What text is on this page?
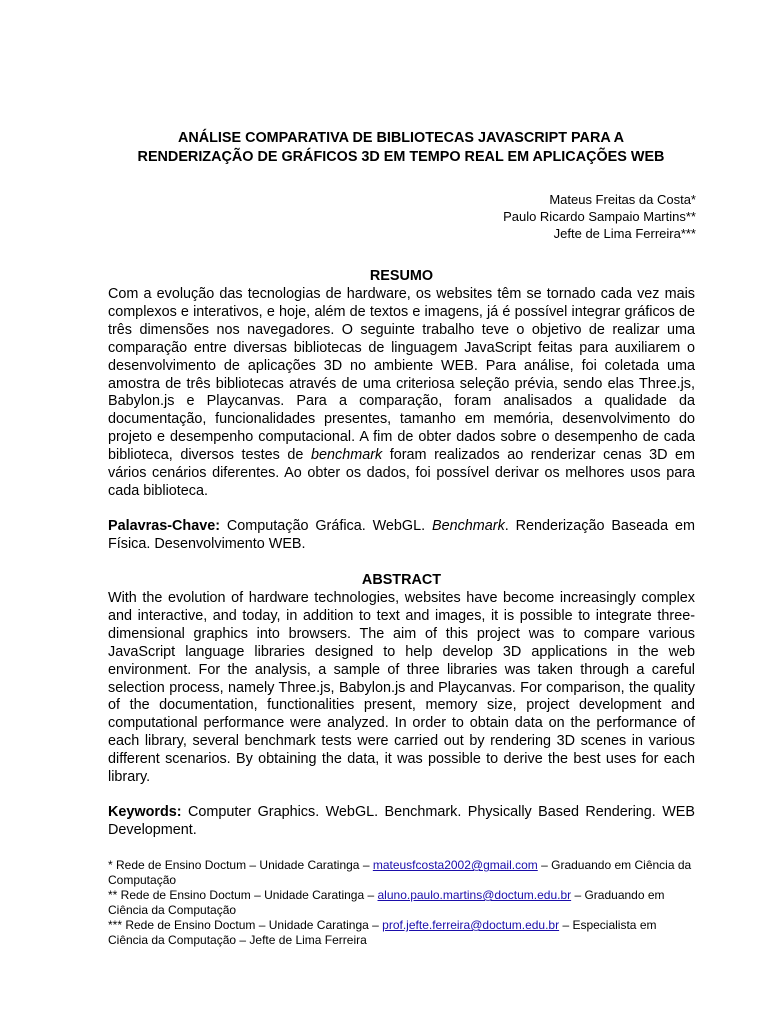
ANÁLISE COMPARATIVA DE BIBLIOTECAS JAVASCRIPT PARA A
RENDERIZAÇÃO DE GRÁFICOS 3D EM TEMPO REAL EM APLICAÇÕES WEB
Mateus Freitas da Costa*
Paulo Ricardo Sampaio Martins**
Jefte de Lima Ferreira***
RESUMO

Com a evolução das tecnologias de hardware, os websites têm se tornado cada vez mais complexos e interativos, e hoje, além de textos e imagens, já é possível integrar gráficos de três dimensões nos navegadores. O seguinte trabalho teve o objetivo de realizar uma comparação entre diversas bibliotecas de linguagem JavaScript feitas para auxiliarem o desenvolvimento de aplicações 3D no ambiente WEB. Para análise, foi coletada uma amostra de três bibliotecas através de uma criteriosa seleção prévia, sendo elas Three.js, Babylon.js e Playcanvas. Para a comparação, foram analisados a qualidade da documentação, funcionalidades presentes, tamanho em memória, desenvolvimento do projeto e desempenho computacional. A fim de obter dados sobre o desempenho de cada biblioteca, diversos testes de benchmark foram realizados ao renderizar cenas 3D em vários cenários diferentes. Ao obter os dados, foi possível derivar os melhores usos para cada biblioteca.

Palavras-Chave: Computação Gráfica. WebGL. Benchmark. Renderização Baseada em Física. Desenvolvimento WEB.

ABSTRACT

With the evolution of hardware technologies, websites have become increasingly complex and interactive, and today, in addition to text and images, it is possible to integrate three-dimensional graphics into browsers. The aim of this project was to compare various JavaScript language libraries designed to help develop 3D applications in the web environment. For the analysis, a sample of three libraries was taken through a careful selection process, namely Three.js, Babylon.js and Playcanvas. For comparison, the quality of the documentation, functionalities present, memory size, project development and computational performance were analyzed. In order to obtain data on the performance of each library, several benchmark tests were carried out by rendering 3D scenes in various different scenarios. By obtaining the data, it was possible to derive the best uses for each library.

Keywords: Computer Graphics. WebGL. Benchmark. Physically Based Rendering. WEB Development.

* Rede de Ensino Doctum – Unidade Caratinga – mateusfcosta2002@gmail.com – Graduando em Ciência da Computação
** Rede de Ensino Doctum – Unidade Caratinga – aluno.paulo.martins@doctum.edu.br – Graduando em Ciência da Computação
*** Rede de Ensino Doctum – Unidade Caratinga – prof.jefte.ferreira@doctum.edu.br – Especialista em Ciência da Computação – Jefte de Lima Ferreira
